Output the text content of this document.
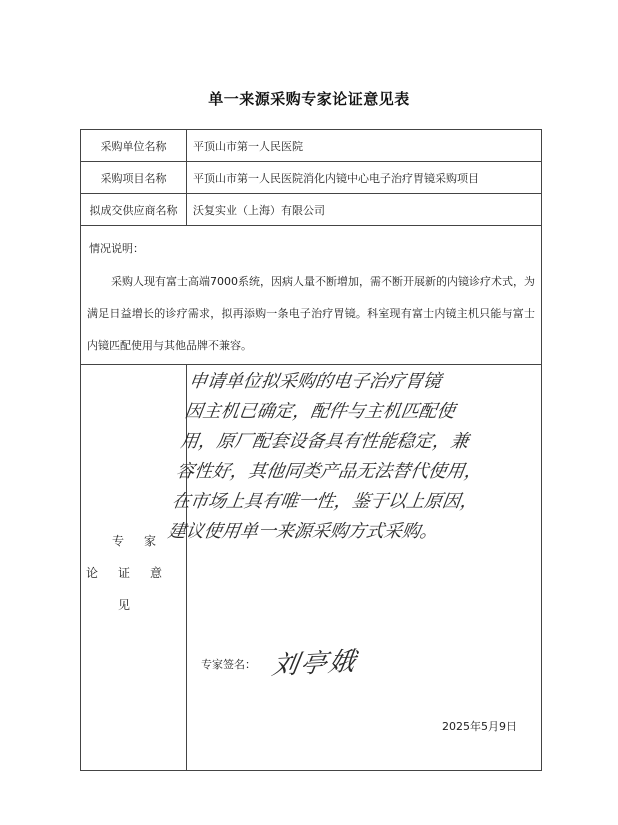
单一来源采购专家论证意见表
采购单位名称	平顶山市第一人民医院
采购项目名称	平顶山市第一人民医院消化内镜中心电子治疗胃镜采购项目
拟成交供应商名称	沃复实业（上海）有限公司
情况说明：
采购人现有富士高端7000系统，因病人量不断增加，需不断开展新的内镜诊疗术式，为满足日益增长的诊疗需求，拟再添购一条电子治疗胃镜。科室现有富士内镜主机只能与富士内镜匹配使用与其他品牌不兼容。
专家论证意见
申请单位拟采购的电子治疗胃镜
因主机已确定，配件与主机匹配使
用，原厂配套设备具有性能稳定，兼
容性好，其他同类产品无法替代使用，
在市场上具有唯一性，鉴于以上原因，
建议使用单一来源采购方式采购。
专家签名： 刘亭娥
2025年5月9日
